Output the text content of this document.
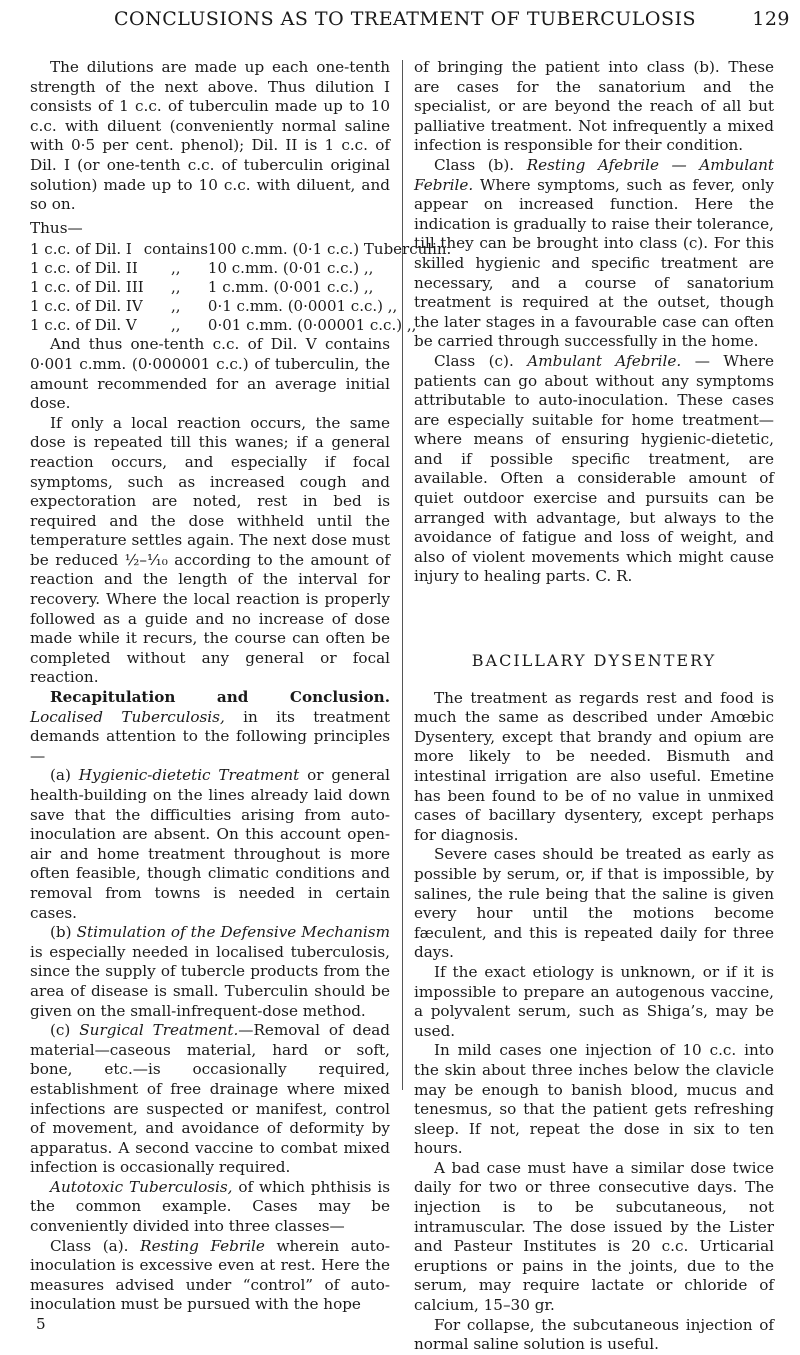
CONCLUSIONS AS TO TREATMENT OF TUBERCULOSIS	129

The dilutions are made up each one-tenth strength of the next above. Thus dilution I consists of 1 c.c. of tuberculin made up to 10 c.c. with diluent (conveniently normal saline with 0·5 per cent. phenol); Dil. II is 1 c.c. of Dil. I (or one-tenth c.c. of tuberculin original solution) made up to 10 c.c. with diluent, and so on.

Thus—

1 c.c. of Dil. I	contains	100 c.mm. (0·1 c.c.) Tuberculin.
1 c.c. of Dil. II	,,	10 c.mm. (0·01 c.c.) ,,
1 c.c. of Dil. III	,,	1 c.mm. (0·001 c.c.) ,,
1 c.c. of Dil. IV	,,	0·1 c.mm. (0·0001 c.c.) ,,
1 c.c. of Dil. V	,,	0·01 c.mm. (0·00001 c.c.) ,,

And thus one-tenth c.c. of Dil. V contains 0·001 c.mm. (0·000001 c.c.) of tuberculin, the amount recommended for an average initial dose.

If only a local reaction occurs, the same dose is repeated till this wanes; if a general reaction occurs, and especially if focal symptoms, such as increased cough and expectoration are noted, rest in bed is required and the dose withheld until the temperature settles again. The next dose must be reduced ½–¹⁄₁₀ according to the amount of reaction and the length of the interval for recovery. Where the local reaction is properly followed as a guide and no increase of dose made while it recurs, the course can often be completed without any general or focal reaction.

Recapitulation and Conclusion. Localised Tuberculosis, in its treatment demands attention to the following principles—

(a) Hygienic-dietetic Treatment or general health-building on the lines already laid down save that the difficulties arising from auto-inoculation are absent. On this account open-air and home treatment throughout is more often feasible, though climatic conditions and removal from towns is needed in certain cases.

(b) Stimulation of the Defensive Mechanism is especially needed in localised tuberculosis, since the supply of tubercle products from the area of disease is small. Tuberculin should be given on the small-infrequent-dose method.

(c) Surgical Treatment.—Removal of dead material—caseous material, hard or soft, bone, etc.—is occasionally required, establishment of free drainage where mixed infections are suspected or manifest, control of movement, and avoidance of deformity by apparatus. A second vaccine to combat mixed infection is occasionally required.

Autotoxic Tuberculosis, of which phthisis is the common example. Cases may be conveniently divided into three classes—

Class (a). Resting Febrile wherein auto-inoculation is excessive even at rest. Here the measures advised under “control” of auto-inoculation must be pursued with the hope

5

of bringing the patient into class (b). These are cases for the sanatorium and the specialist, or are beyond the reach of all but palliative treatment. Not infrequently a mixed infection is responsible for their condition.

Class (b). Resting Afebrile — Ambulant Febrile. Where symptoms, such as fever, only appear on increased function. Here the indication is gradually to raise their tolerance, till they can be brought into class (c). For this skilled hygienic and specific treatment are necessary, and a course of sanatorium treatment is required at the outset, though the later stages in a favourable case can often be carried through successfully in the home.

Class (c). Ambulant Afebrile. — Where patients can go about without any symptoms attributable to auto-inoculation. These cases are especially suitable for home treatment—where means of ensuring hygienic-dietetic, and if possible specific treatment, are available. Often a considerable amount of quiet outdoor exercise and pursuits can be arranged with advantage, but always to the avoidance of fatigue and loss of weight, and also of violent movements which might cause injury to healing parts. C. R.

BACILLARY DYSENTERY

The treatment as regards rest and food is much the same as described under Amœbic Dysentery, except that brandy and opium are more likely to be needed. Bismuth and intestinal irrigation are also useful. Emetine has been found to be of no value in unmixed cases of bacillary dysentery, except perhaps for diagnosis.

Severe cases should be treated as early as possible by serum, or, if that is impossible, by salines, the rule being that the saline is given every hour until the motions become fæculent, and this is repeated daily for three days.

If the exact etiology is unknown, or if it is impossible to prepare an autogenous vaccine, a polyvalent serum, such as Shiga’s, may be used.

In mild cases one injection of 10 c.c. into the skin about three inches below the clavicle may be enough to banish blood, mucus and tenesmus, so that the patient gets refreshing sleep. If not, repeat the dose in six to ten hours.

A bad case must have a similar dose twice daily for two or three consecutive days. The injection is to be subcutaneous, not intramuscular. The dose issued by the Lister and Pasteur Institutes is 20 c.c. Urticarial eruptions or pains in the joints, due to the serum, may require lactate or chloride of calcium, 15–30 gr.

For collapse, the subcutaneous injection of normal saline solution is useful.
